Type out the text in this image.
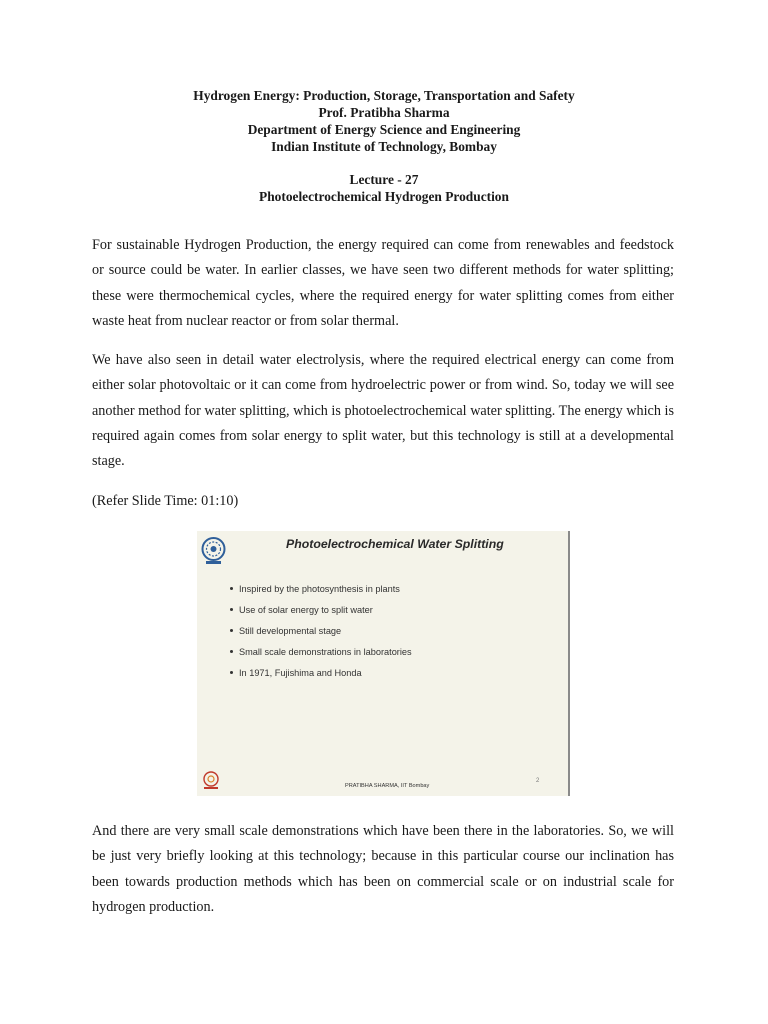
Hydrogen Energy: Production, Storage, Transportation and Safety
Prof. Pratibha Sharma
Department of Energy Science and Engineering
Indian Institute of Technology, Bombay
Lecture - 27
Photoelectrochemical Hydrogen Production

For sustainable Hydrogen Production, the energy required can come from renewables and feedstock or source could be water. In earlier classes, we have seen two different methods for water splitting; these were thermochemical cycles, where the required energy for water splitting comes from either waste heat from nuclear reactor or from solar thermal.

We have also seen in detail water electrolysis, where the required electrical energy can come from either solar photovoltaic or it can come from hydroelectric power or from wind. So, today we will see another method for water splitting, which is photoelectrochemical water splitting. The energy which is required again comes from solar energy to split water, but this technology is still at a developmental stage.

(Refer Slide Time: 01:10)

Photoelectrochemical Water Splitting
Inspired by the photosynthesis in plants
Use of solar energy to split water
Still developmental stage
Small scale demonstrations in laboratories
In 1971, Fujishima and Honda
PRATIBHA SHARMA, IIT Bombay
2

And there are very small scale demonstrations which have been there in the laboratories. So, we will be just very briefly looking at this technology; because in this particular course our inclination has been towards production methods which has been on commercial scale or on industrial scale for hydrogen production.
